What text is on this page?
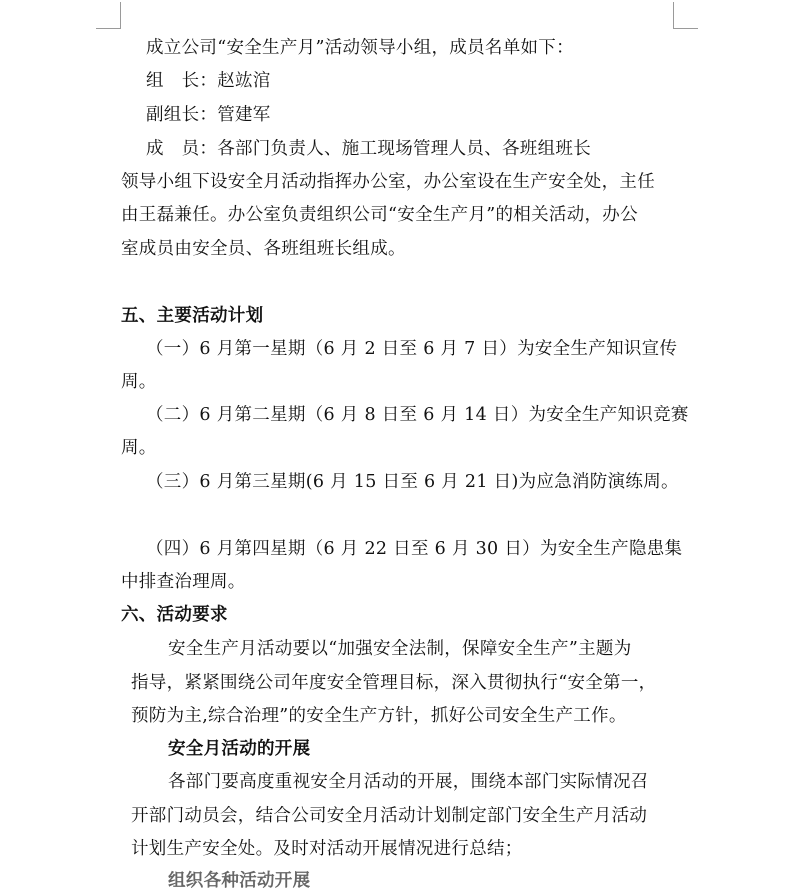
成立公司“安全生产月”活动领导小组，成员名单如下：
组　长：赵竑涫
副组长：管建军
成　员：各部门负责人、施工现场管理人员、各班组班长
领导小组下设安全月活动指挥办公室，办公室设在生产安全处，主任
由王磊兼任。办公室负责组织公司“安全生产月”的相关活动，办公
室成员由安全员、各班组班长组成。
五、主要活动计划
（一）6 月第一星期（6 月 2 日至 6 月 7 日）为安全生产知识宣传
周。
（二）6 月第二星期（6 月 8 日至 6 月 14 日）为安全生产知识竞赛
周。
（三）6 月第三星期(6 月 15 日至 6 月 21 日)为应急消防演练周。
（四）6 月第四星期（6 月 22 日至 6 月 30 日）为安全生产隐患集
中排查治理周。
六、活动要求
安全生产月活动要以“加强安全法制，保障安全生产”主题为
指导，紧紧围绕公司年度安全管理目标，深入贯彻执行“安全第一，
预防为主,综合治理”的安全生产方针，抓好公司安全生产工作。
安全月活动的开展
各部门要高度重视安全月活动的开展，围绕本部门实际情况召
开部门动员会，结合公司安全月活动计划制定部门安全生产月活动
计划生产安全处。及时对活动开展情况进行总结；
组织各种活动开展
